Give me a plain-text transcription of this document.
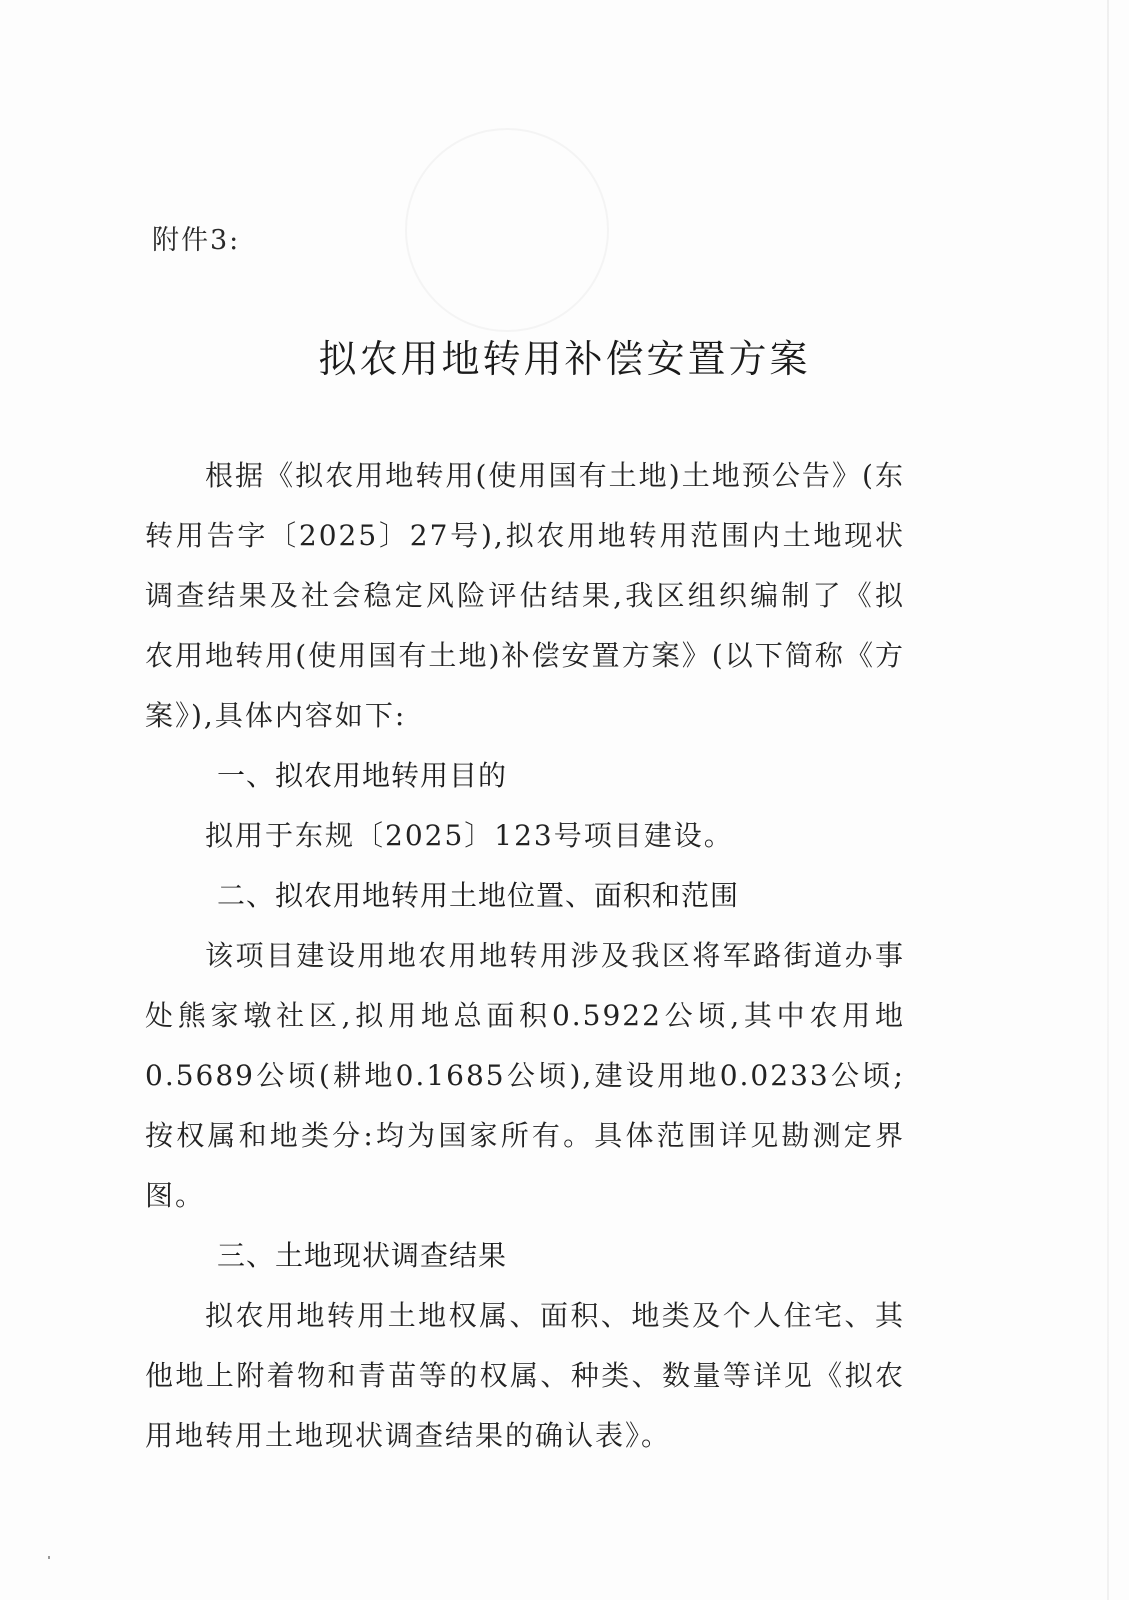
附件3:
拟农用地转用补偿安置方案

根据《拟农用地转用(使用国有土地)土地预公告》(东转用告字〔2025〕27号),拟农用地转用范围内土地现状调查结果及社会稳定风险评估结果,我区组织编制了《拟农用地转用(使用国有土地)补偿安置方案》(以下简称《方案》),具体内容如下:

一、拟农用地转用目的

拟用于东规〔2025〕123号项目建设。

二、拟农用地转用土地位置、面积和范围

该项目建设用地农用地转用涉及我区将军路街道办事处熊家墩社区,拟用地总面积0.5922公顷,其中农用地0.5689公顷(耕地0.1685公顷),建设用地0.0233公顷;按权属和地类分:均为国家所有。具体范围详见勘测定界图。

三、土地现状调查结果

拟农用地转用土地权属、面积、地类及个人住宅、其他地上附着物和青苗等的权属、种类、数量等详见《拟农用地转用土地现状调查结果的确认表》。
